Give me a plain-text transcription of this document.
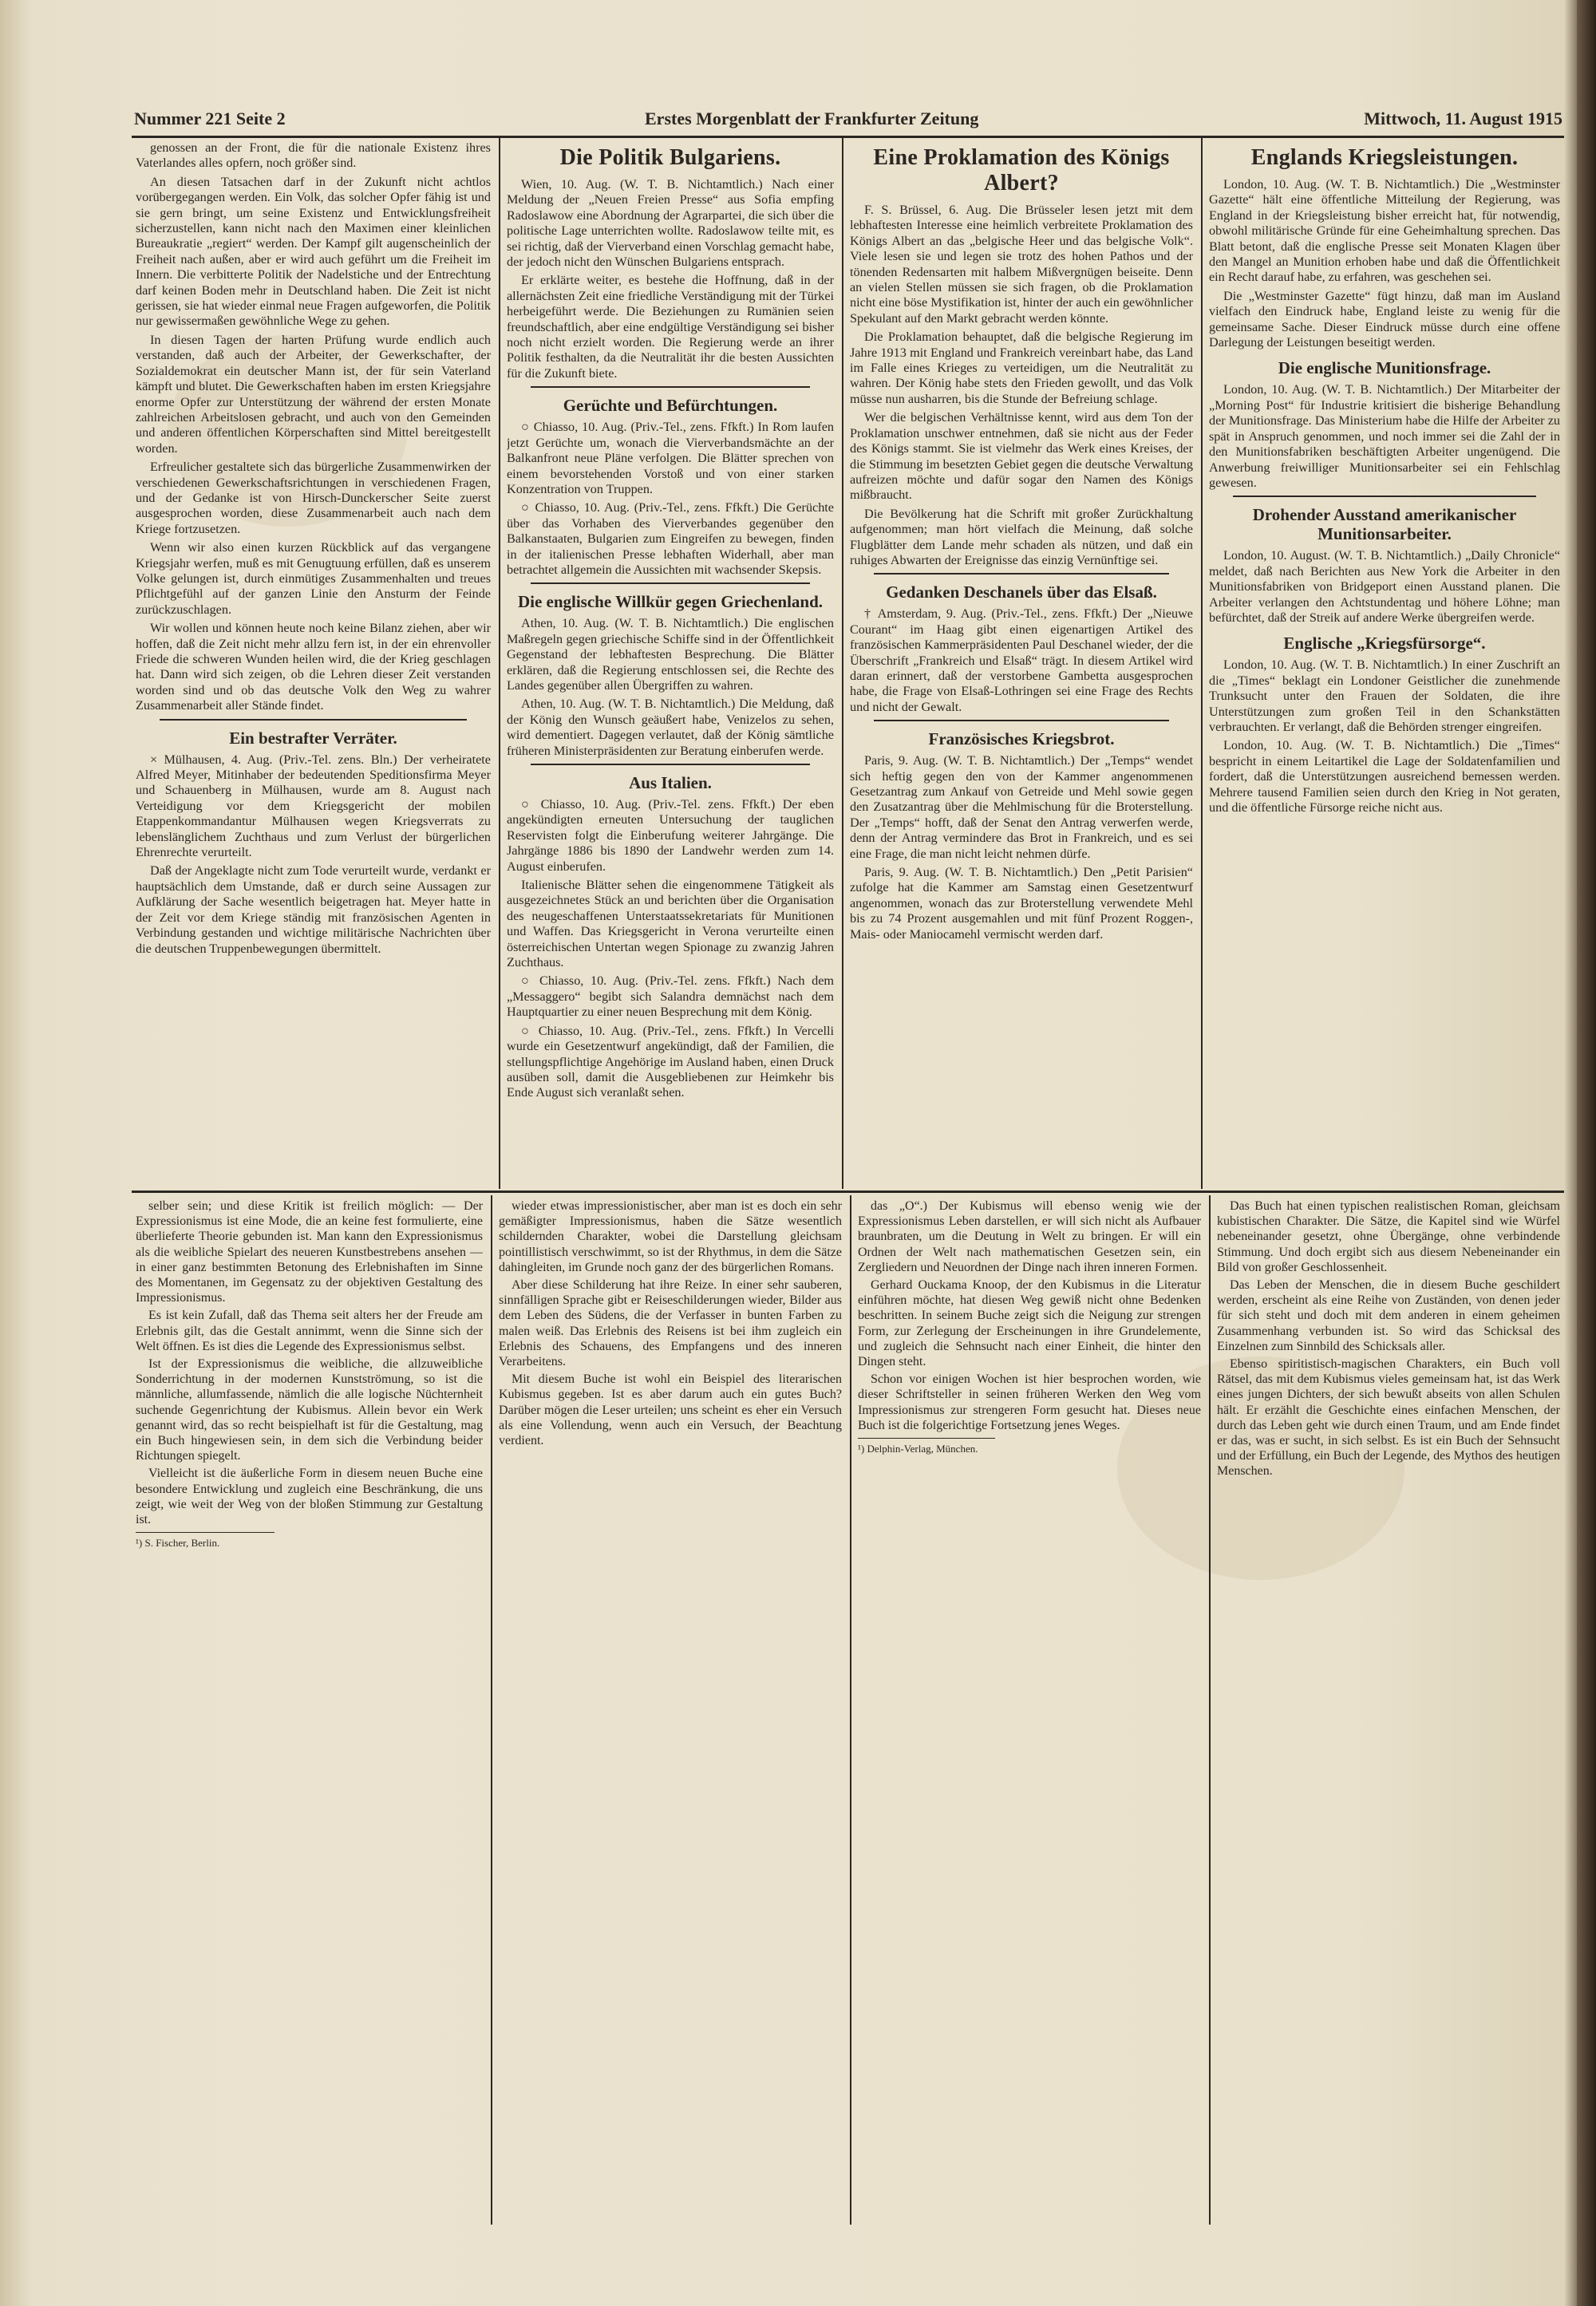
Nummer 221 Seite 2	Erstes Morgenblatt der Frankfurter Zeitung	Mittwoch, 11. August 1915

genossen an der Front, die für die nationale Existenz ihres Vaterlandes alles opfern, noch größer sind.

An diesen Tatsachen darf in der Zukunft nicht achtlos vorübergegangen werden. Ein Volk, das solcher Opfer fähig ist und sie gern bringt, um seine Existenz und Entwicklungsfreiheit sicherzustellen, kann nicht nach den Maximen einer kleinlichen Bureaukratie „regiert“ werden. Der Kampf gilt augenscheinlich der Freiheit nach außen, aber er wird auch geführt um die Freiheit im Innern. Die verbitterte Politik der Nadelstiche und der Entrechtung darf keinen Boden mehr in Deutschland haben. Die Zeit ist nicht gerissen, sie hat wieder einmal neue Fragen aufgeworfen, die Politik nur gewissermaßen gewöhnliche Wege zu gehen.

In diesen Tagen der harten Prüfung wurde endlich auch verstanden, daß auch der Arbeiter, der Gewerkschafter, der Sozialdemokrat ein deutscher Mann ist, der für sein Vaterland kämpft und blutet. Die Gewerkschaften haben im ersten Kriegsjahre enorme Opfer zur Unterstützung der während der ersten Monate zahlreichen Arbeitslosen gebracht, und auch von den Gemeinden und anderen öffentlichen Körperschaften sind Mittel bereitgestellt worden.

Erfreulicher gestaltete sich das bürgerliche Zusammenwirken der verschiedenen Gewerkschaftsrichtungen in verschiedenen Fragen, und der Gedanke ist von Hirsch-Dunckerscher Seite zuerst ausgesprochen worden, diese Zusammenarbeit auch nach dem Kriege fortzusetzen.

Wenn wir also einen kurzen Rückblick auf das vergangene Kriegsjahr werfen, muß es mit Genugtuung erfüllen, daß es unserem Volke gelungen ist, durch einmütiges Zusammenhalten und treues Pflichtgefühl auf der ganzen Linie den Ansturm der Feinde zurückzuschlagen.

Wir wollen und können heute noch keine Bilanz ziehen, aber wir hoffen, daß die Zeit nicht mehr allzu fern ist, in der ein ehrenvoller Friede die schweren Wunden heilen wird, die der Krieg geschlagen hat. Dann wird sich zeigen, ob die Lehren dieser Zeit verstanden worden sind und ob das deutsche Volk den Weg zu wahrer Zusammenarbeit aller Stände findet.

Ein bestrafter Verräter.

× Mülhausen, 4. Aug. (Priv.-Tel. zens. Bln.) Der verheiratete Alfred Meyer, Mitinhaber der bedeutenden Speditionsfirma Meyer und Schauenberg in Mülhausen, wurde am 8. August nach Verteidigung vor dem Kriegsgericht der mobilen Etappenkommandantur Mülhausen wegen Kriegsverrats zu lebenslänglichem Zuchthaus und zum Verlust der bürgerlichen Ehrenrechte verurteilt.

Daß der Angeklagte nicht zum Tode verurteilt wurde, verdankt er hauptsächlich dem Umstande, daß er durch seine Aussagen zur Aufklärung der Sache wesentlich beigetragen hat. Meyer hatte in der Zeit vor dem Kriege ständig mit französischen Agenten in Verbindung gestanden und wichtige militärische Nachrichten über die deutschen Truppenbewegungen übermittelt.

Die Politik Bulgariens.

Wien, 10. Aug. (W. T. B. Nichtamtlich.) Nach einer Meldung der „Neuen Freien Presse“ aus Sofia empfing Radoslawow eine Abordnung der Agrarpartei, die sich über die politische Lage unterrichten wollte. Radoslawow teilte mit, es sei richtig, daß der Vierverband einen Vorschlag gemacht habe, der jedoch nicht den Wünschen Bulgariens entsprach.

Er erklärte weiter, es bestehe die Hoffnung, daß in der allernächsten Zeit eine friedliche Verständigung mit der Türkei herbeigeführt werde. Die Beziehungen zu Rumänien seien freundschaftlich, aber eine endgültige Verständigung sei bisher noch nicht erzielt worden. Die Regierung werde an ihrer Politik festhalten, da die Neutralität ihr die besten Aussichten für die Zukunft biete.

Gerüchte und Befürchtungen.

○ Chiasso, 10. Aug. (Priv.-Tel., zens. Ffkft.) In Rom laufen jetzt Gerüchte um, wonach die Vierverbandsmächte an der Balkanfront neue Pläne verfolgen. Die Blätter sprechen von einem bevorstehenden Vorstoß und von einer starken Konzentration von Truppen.

○ Chiasso, 10. Aug. (Priv.-Tel., zens. Ffkft.) Die Gerüchte über das Vorhaben des Vierverbandes gegenüber den Balkanstaaten, Bulgarien zum Eingreifen zu bewegen, finden in der italienischen Presse lebhaften Widerhall, aber man betrachtet allgemein die Aussichten mit wachsender Skepsis.

Die englische Willkür gegen Griechenland.

Athen, 10. Aug. (W. T. B. Nichtamtlich.) Die englischen Maßregeln gegen griechische Schiffe sind in der Öffentlichkeit Gegenstand der lebhaftesten Besprechung. Die Blätter erklären, daß die Regierung entschlossen sei, die Rechte des Landes gegenüber allen Übergriffen zu wahren.

Athen, 10. Aug. (W. T. B. Nichtamtlich.) Die Meldung, daß der König den Wunsch geäußert habe, Venizelos zu sehen, wird dementiert. Dagegen verlautet, daß der König sämtliche früheren Ministerpräsidenten zur Beratung einberufen werde.

Aus Italien.

○ Chiasso, 10. Aug. (Priv.-Tel. zens. Ffkft.) Der eben angekündigten erneuten Untersuchung der tauglichen Reservisten folgt die Einberufung weiterer Jahrgänge. Die Jahrgänge 1886 bis 1890 der Landwehr werden zum 14. August einberufen.

Italienische Blätter sehen die eingenommene Tätigkeit als ausgezeichnetes Stück an und berichten über die Organisation des neugeschaffenen Unterstaatssekretariats für Munitionen und Waffen. Das Kriegsgericht in Verona verurteilte einen österreichischen Untertan wegen Spionage zu zwanzig Jahren Zuchthaus.

○ Chiasso, 10. Aug. (Priv.-Tel. zens. Ffkft.) Nach dem „Messaggero“ begibt sich Salandra demnächst nach dem Hauptquartier zu einer neuen Besprechung mit dem König.

○ Chiasso, 10. Aug. (Priv.-Tel., zens. Ffkft.) In Vercelli wurde ein Gesetzentwurf angekündigt, daß der Familien, die stellungspflichtige Angehörige im Ausland haben, einen Druck ausüben soll, damit die Ausgebliebenen zur Heimkehr bis Ende August sich veranlaßt sehen.

Eine Proklamation des Königs Albert?

F. S. Brüssel, 6. Aug. Die Brüsseler lesen jetzt mit dem lebhaftesten Interesse eine heimlich verbreitete Proklamation des Königs Albert an das „belgische Heer und das belgische Volk“. Viele lesen sie und legen sie trotz des hohen Pathos und der tönenden Redensarten mit halbem Mißvergnügen beiseite. Denn an vielen Stellen müssen sie sich fragen, ob die Proklamation nicht eine böse Mystifikation ist, hinter der auch ein gewöhnlicher Spekulant auf den Markt gebracht werden könnte.

Die Proklamation behauptet, daß die belgische Regierung im Jahre 1913 mit England und Frankreich vereinbart habe, das Land im Falle eines Krieges zu verteidigen, um die Neutralität zu wahren. Der König habe stets den Frieden gewollt, und das Volk müsse nun ausharren, bis die Stunde der Befreiung schlage.

Wer die belgischen Verhältnisse kennt, wird aus dem Ton der Proklamation unschwer entnehmen, daß sie nicht aus der Feder des Königs stammt. Sie ist vielmehr das Werk eines Kreises, der die Stimmung im besetzten Gebiet gegen die deutsche Verwaltung aufreizen möchte und dafür sogar den Namen des Königs mißbraucht.

Die Bevölkerung hat die Schrift mit großer Zurückhaltung aufgenommen; man hört vielfach die Meinung, daß solche Flugblätter dem Lande mehr schaden als nützen, und daß ein ruhiges Abwarten der Ereignisse das einzig Vernünftige sei.

Gedanken Deschanels über das Elsaß.

† Amsterdam, 9. Aug. (Priv.-Tel., zens. Ffkft.) Der „Nieuwe Courant“ im Haag gibt einen eigenartigen Artikel des französischen Kammerpräsidenten Paul Deschanel wieder, der die Überschrift „Frankreich und Elsaß“ trägt. In diesem Artikel wird daran erinnert, daß der verstorbene Gambetta ausgesprochen habe, die Frage von Elsaß-Lothringen sei eine Frage des Rechts und nicht der Gewalt.

Französisches Kriegsbrot.

Paris, 9. Aug. (W. T. B. Nichtamtlich.) Der „Temps“ wendet sich heftig gegen den von der Kammer angenommenen Gesetzantrag zum Ankauf von Getreide und Mehl sowie gegen den Zusatzantrag über die Mehlmischung für die Broterstellung. Der „Temps“ hofft, daß der Senat den Antrag verwerfen werde, denn der Antrag vermindere das Brot in Frankreich, und es sei eine Frage, die man nicht leicht nehmen dürfe.

Paris, 9. Aug. (W. T. B. Nichtamtlich.) Den „Petit Parisien“ zufolge hat die Kammer am Samstag einen Gesetzentwurf angenommen, wonach das zur Broterstellung verwendete Mehl bis zu 74 Prozent ausgemahlen und mit fünf Prozent Roggen-, Mais- oder Maniocamehl vermischt werden darf.

Englands Kriegsleistungen.

London, 10. Aug. (W. T. B. Nichtamtlich.) Die „Westminster Gazette“ hält eine öffentliche Mitteilung der Regierung, was England in der Kriegsleistung bisher erreicht hat, für notwendig, obwohl militärische Gründe für eine Geheimhaltung sprechen. Das Blatt betont, daß die englische Presse seit Monaten Klagen über den Mangel an Munition erhoben habe und daß die Öffentlichkeit ein Recht darauf habe, zu erfahren, was geschehen sei.

Die „Westminster Gazette“ fügt hinzu, daß man im Ausland vielfach den Eindruck habe, England leiste zu wenig für die gemeinsame Sache. Dieser Eindruck müsse durch eine offene Darlegung der Leistungen beseitigt werden.

Die englische Munitionsfrage.

London, 10. Aug. (W. T. B. Nichtamtlich.) Der Mitarbeiter der „Morning Post“ für Industrie kritisiert die bisherige Behandlung der Munitionsfrage. Das Ministerium habe die Hilfe der Arbeiter zu spät in Anspruch genommen, und noch immer sei die Zahl der in den Munitionsfabriken beschäftigten Arbeiter ungenügend. Die Anwerbung freiwilliger Munitionsarbeiter sei ein Fehlschlag gewesen.

Drohender Ausstand amerikanischer Munitionsarbeiter.

London, 10. August. (W. T. B. Nichtamtlich.) „Daily Chronicle“ meldet, daß nach Berichten aus New York die Arbeiter in den Munitionsfabriken von Bridgeport einen Ausstand planen. Die Arbeiter verlangen den Achtstundentag und höhere Löhne; man befürchtet, daß der Streik auf andere Werke übergreifen werde.

Englische „Kriegsfürsorge“.

London, 10. Aug. (W. T. B. Nichtamtlich.) In einer Zuschrift an die „Times“ beklagt ein Londoner Geistlicher die zunehmende Trunksucht unter den Frauen der Soldaten, die ihre Unterstützungen zum großen Teil in den Schankstätten verbrauchten. Er verlangt, daß die Behörden strenger eingreifen.

London, 10. Aug. (W. T. B. Nichtamtlich.) Die „Times“ bespricht in einem Leitartikel die Lage der Soldatenfamilien und fordert, daß die Unterstützungen ausreichend bemessen werden. Mehrere tausend Familien seien durch den Krieg in Not geraten, und die öffentliche Fürsorge reiche nicht aus.

selber sein; und diese Kritik ist freilich möglich: — Der Expressionismus ist eine Mode, die an keine fest formulierte, eine überlieferte Theorie gebunden ist. Man kann den Expressionismus als die weibliche Spielart des neueren Kunstbestrebens ansehen — in einer ganz bestimmten Betonung des Erlebnishaften im Sinne des Momentanen, im Gegensatz zu der objektiven Gestaltung des Impressionismus.

Es ist kein Zufall, daß das Thema seit alters her der Freude am Erlebnis gilt, das die Gestalt annimmt, wenn die Sinne sich der Welt öffnen. Es ist dies die Legende des Expressionismus selbst.

Ist der Expressionismus die weibliche, die allzuweibliche Sonderrichtung in der modernen Kunstströmung, so ist die männliche, allumfassende, nämlich die alle logische Nüchternheit suchende Gegenrichtung der Kubismus. Allein bevor ein Werk genannt wird, das so recht beispielhaft ist für die Gestaltung, mag ein Buch hingewiesen sein, in dem sich die Verbindung beider Richtungen spiegelt.

Vielleicht ist die äußerliche Form in diesem neuen Buche eine besondere Entwicklung und zugleich eine Beschränkung, die uns zeigt, wie weit der Weg von der bloßen Stimmung zur Gestaltung ist.

¹) S. Fischer, Berlin.

wieder etwas impressionistischer, aber man ist es doch ein sehr gemäßigter Impressionismus, haben die Sätze wesentlich schildernden Charakter, wobei die Darstellung gleichsam pointillistisch verschwimmt, so ist der Rhythmus, in dem die Sätze dahingleiten, im Grunde noch ganz der des bürgerlichen Romans.

Aber diese Schilderung hat ihre Reize. In einer sehr sauberen, sinnfälligen Sprache gibt er Reiseschilderungen wieder, Bilder aus dem Leben des Südens, die der Verfasser in bunten Farben zu malen weiß. Das Erlebnis des Reisens ist bei ihm zugleich ein Erlebnis des Schauens, des Empfangens und des inneren Verarbeitens.

Mit diesem Buche ist wohl ein Beispiel des literarischen Kubismus gegeben. Ist es aber darum auch ein gutes Buch? Darüber mögen die Leser urteilen; uns scheint es eher ein Versuch als eine Vollendung, wenn auch ein Versuch, der Beachtung verdient.

das „O“.) Der Kubismus will ebenso wenig wie der Expressionismus Leben darstellen, er will sich nicht als Aufbauer braunbraten, um die Deutung in Welt zu bringen. Er will ein Ordnen der Welt nach mathematischen Gesetzen sein, ein Zergliedern und Neuordnen der Dinge nach ihren inneren Formen.

Gerhard Ouckama Knoop, der den Kubismus in die Literatur einführen möchte, hat diesen Weg gewiß nicht ohne Bedenken beschritten. In seinem Buche zeigt sich die Neigung zur strengen Form, zur Zerlegung der Erscheinungen in ihre Grundelemente, und zugleich die Sehnsucht nach einer Einheit, die hinter den Dingen steht.

Schon vor einigen Wochen ist hier besprochen worden, wie dieser Schriftsteller in seinen früheren Werken den Weg vom Impressionismus zur strengeren Form gesucht hat. Dieses neue Buch ist die folgerichtige Fortsetzung jenes Weges.

¹) Delphin-Verlag, München.

Das Buch hat einen typischen realistischen Roman, gleichsam kubistischen Charakter. Die Sätze, die Kapitel sind wie Würfel nebeneinander gesetzt, ohne Übergänge, ohne verbindende Stimmung. Und doch ergibt sich aus diesem Nebeneinander ein Bild von großer Geschlossenheit.

Das Leben der Menschen, die in diesem Buche geschildert werden, erscheint als eine Reihe von Zuständen, von denen jeder für sich steht und doch mit dem anderen in einem geheimen Zusammenhang verbunden ist. So wird das Schicksal des Einzelnen zum Sinnbild des Schicksals aller.

Ebenso spiritistisch-magischen Charakters, ein Buch voll Rätsel, das mit dem Kubismus vieles gemeinsam hat, ist das Werk eines jungen Dichters, der sich bewußt abseits von allen Schulen hält. Er erzählt die Geschichte eines einfachen Menschen, der durch das Leben geht wie durch einen Traum, und am Ende findet er das, was er sucht, in sich selbst. Es ist ein Buch der Sehnsucht und der Erfüllung, ein Buch der Legende, des Mythos des heutigen Menschen.
